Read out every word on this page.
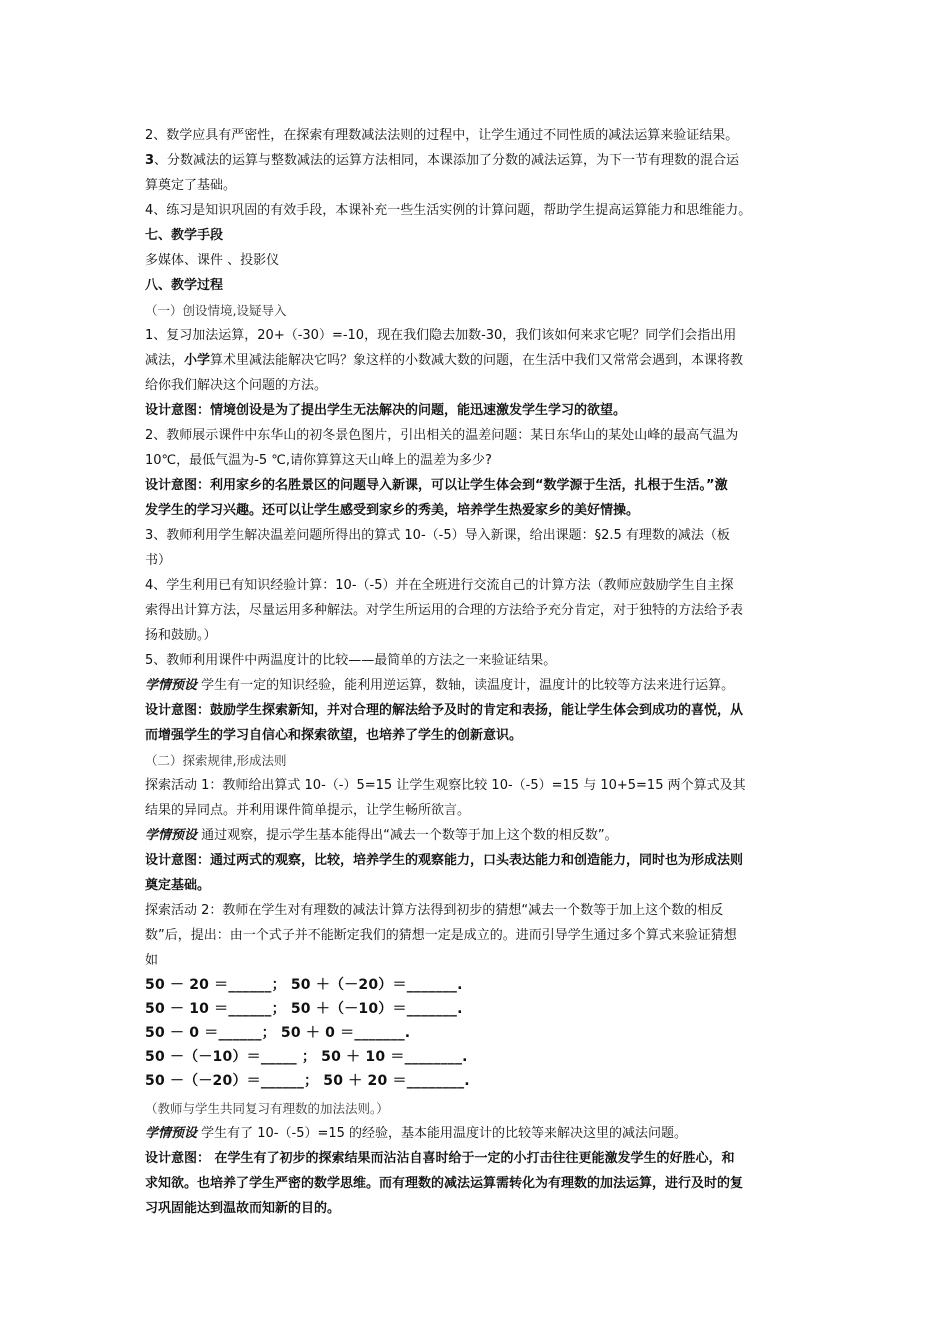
2、数学应具有严密性，在探索有理数减法法则的过程中，让学生通过不同性质的减法运算来验证结果。
3、分数减法的运算与整数减法的运算方法相同，本课添加了分数的减法运算，为下一节有理数的混合运
算奠定了基础。
4、练习是知识巩固的有效手段，本课补充一些生活实例的计算问题，帮助学生提高运算能力和思维能力。
七、教学手段
多媒体、课件 、投影仪
八、教学过程
（一）创设情境,设疑导入
1、复习加法运算，20+（-30）=-10，现在我们隐去加数-30，我们该如何来求它呢？同学们会指出用
减法，小学算术里减法能解决它吗？象这样的小数减大数的问题，在生活中我们又常常会遇到，本课将教
给你我们解决这个问题的方法。
设计意图：情境创设是为了提出学生无法解决的问题，能迅速激发学生学习的欲望。
2、教师展示课件中东华山的初冬景色图片，引出相关的温差问题：某日东华山的某处山峰的最高气温为
10℃，最低气温为-5 ℃,请你算算这天山峰上的温差为多少?
设计意图：利用家乡的名胜景区的问题导入新课，可以让学生体会到“数学源于生活，扎根于生活。”激
发学生的学习兴趣。还可以让学生感受到家乡的秀美，培养学生热爱家乡的美好情操。
3、教师利用学生解决温差问题所得出的算式 10-（-5）导入新课，给出课题：§2.5 有理数的减法（板
书）
4、学生利用已有知识经验计算：10-（-5）并在全班进行交流自己的计算方法（教师应鼓励学生自主探
索得出计算方法，尽量运用多种解法。对学生所运用的合理的方法给予充分肯定，对于独特的方法给予表
扬和鼓励。）
5、教师利用课件中两温度计的比较——最简单的方法之一来验证结果。
学情预设 学生有一定的知识经验，能利用逆运算，数轴，读温度计，温度计的比较等方法来进行运算。
设计意图：鼓励学生探索新知，并对合理的解法给予及时的肯定和表扬，能让学生体会到成功的喜悦，从
而增强学生的学习自信心和探索欲望，也培养了学生的创新意识。
（二）探索规律,形成法则
探索活动 1：教师给出算式 10-（-）5=15 让学生观察比较 10-（-5）=15 与 10+5=15 两个算式及其
结果的异同点。并利用课件简单提示，让学生畅所欲言。
学情预设 通过观察，提示学生基本能得出“减去一个数等于加上这个数的相反数”。
设计意图：通过两式的观察，比较，培养学生的观察能力，口头表达能力和创造能力，同时也为形成法则
奠定基础。
探索活动 2：教师在学生对有理数的减法计算方法得到初步的猜想“减去一个数等于加上这个数的相反
数”后，提出：由一个式子并不能断定我们的猜想一定是成立的。进而引导学生通过多个算式来验证猜想
如
50 － 20 ＝______； 50 ＋（－20）＝_______.
50 － 10 ＝______； 50 ＋（－10）＝_______.
50 － 0 ＝______； 50 ＋ 0 ＝_______.
50 －（－10）＝_____ ； 50 ＋ 10 ＝________.
50 －（－20）＝______； 50 ＋ 20 ＝________.
（教师与学生共同复习有理数的加法法则。）
学情预设 学生有了 10-（-5）=15 的经验，基本能用温度计的比较等来解决这里的减法问题。
设计意图： 在学生有了初步的探索结果而沾沾自喜时给于一定的小打击往往更能激发学生的好胜心，和
求知欲。也培养了学生严密的数学思维。而有理数的减法运算需转化为有理数的加法运算，进行及时的复
习巩固能达到温故而知新的目的。
